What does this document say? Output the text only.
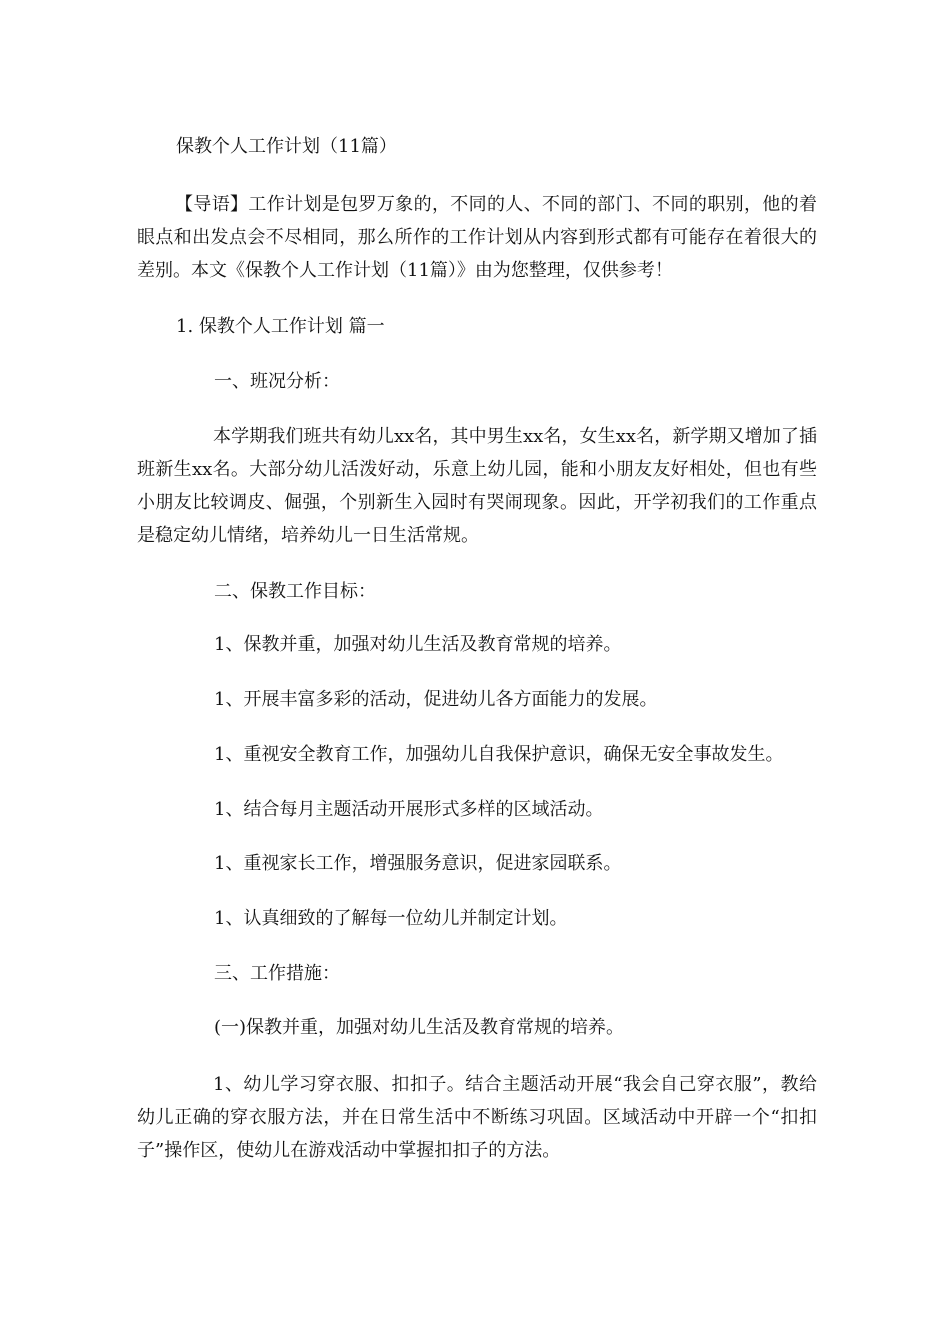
保教个人工作计划（11篇）
【导语】工作计划是包罗万象的，不同的人、不同的部门、不同的职别，他的着眼点和出发点会不尽相同，那么所作的工作计划从内容到形式都有可能存在着很大的差别。本文《保教个人工作计划（11篇）》由为您整理，仅供参考！
1. 保教个人工作计划 篇一
一、班况分析：
本学期我们班共有幼儿xx名，其中男生xx名，女生xx名，新学期又增加了插班新生xx名。大部分幼儿活泼好动，乐意上幼儿园，能和小朋友友好相处，但也有些小朋友比较调皮、倔强，个别新生入园时有哭闹现象。因此，开学初我们的工作重点是稳定幼儿情绪，培养幼儿一日生活常规。
二、保教工作目标：
1、保教并重，加强对幼儿生活及教育常规的培养。
1、开展丰富多彩的活动，促进幼儿各方面能力的发展。
1、重视安全教育工作，加强幼儿自我保护意识，确保无安全事故发生。
1、结合每月主题活动开展形式多样的区域活动。
1、重视家长工作，增强服务意识，促进家园联系。
1、认真细致的了解每一位幼儿并制定计划。
三、工作措施：
(一)保教并重，加强对幼儿生活及教育常规的培养。
1、幼儿学习穿衣服、扣扣子。结合主题活动开展“我会自己穿衣服”，教给幼儿正确的穿衣服方法，并在日常生活中不断练习巩固。区域活动中开辟一个“扣扣子”操作区，使幼儿在游戏活动中掌握扣扣子的方法。
